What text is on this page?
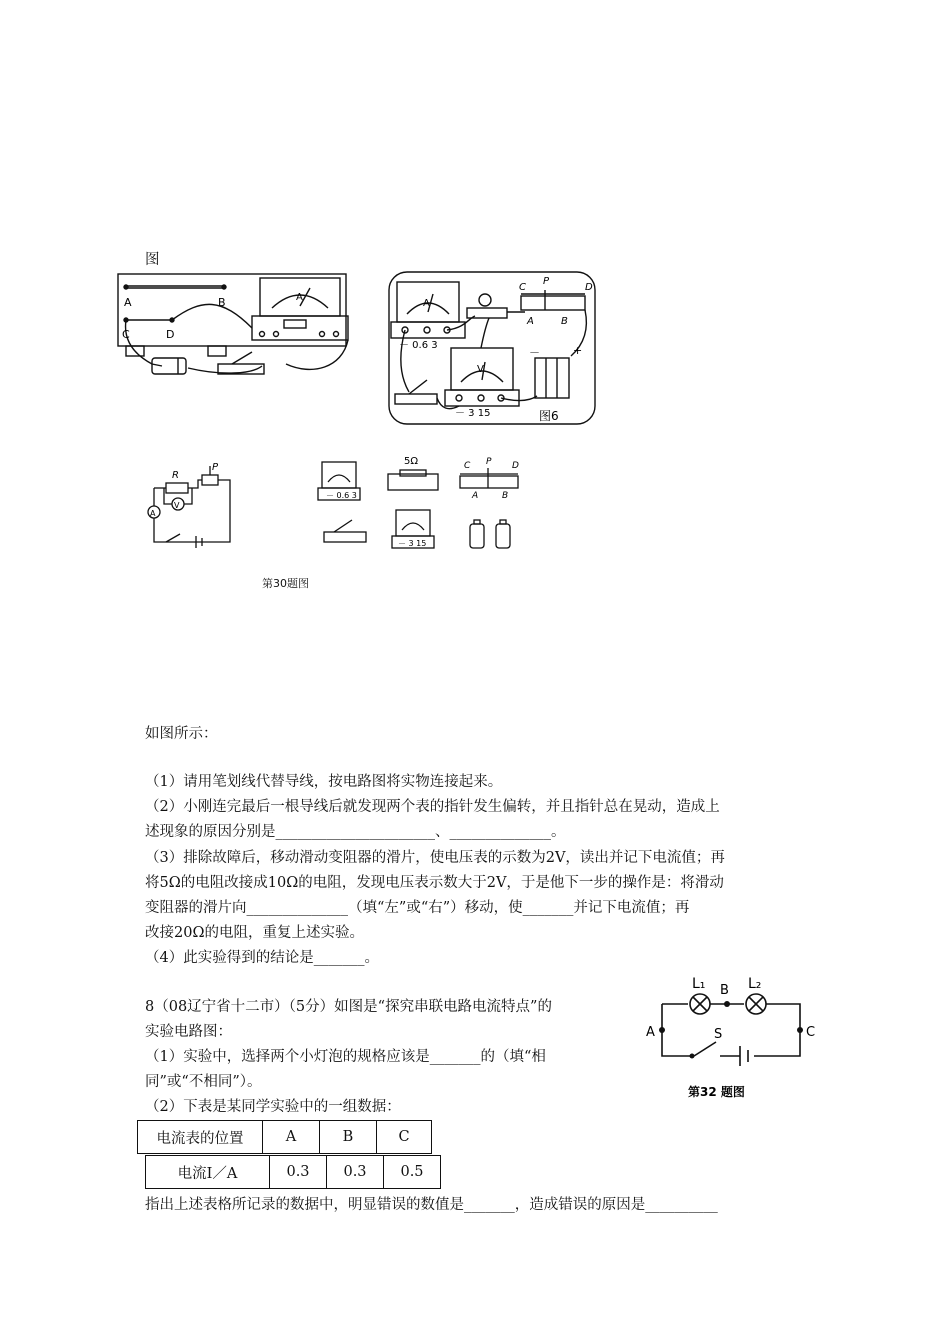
图
A	B
C	D
A
A
－ 0.6 3
V
－ 3 15
C
P
D
A	B
－	+
图6
R
P
A
V
－ 0.6 3
5Ω	C P D
A	B
－ 3 15
第30题图
如图所示：
（1）请用笔划线代替导线，按电路图将实物连接起来。
（2）小刚连完最后一根导线后就发现两个表的指针发生偏转，并且指针总在晃动，造成上
述现象的原因分别是______________________、______________。
（3）排除故障后，移动滑动变阻器的滑片，使电压表的示数为2V，读出并记下电流值；再
将5Ω的电阻改接成10Ω的电阻，发现电压表示数大于2V，于是他下一步的操作是：将滑动
变阻器的滑片向______________（填“左”或“右”）移动，使_______并记下电流值；再
改接20Ω的电阻，重复上述实验。
（4）此实验得到的结论是_______。
8（08辽宁省十二市）（5分）如图是“探究串联电路电流特点”的
实验电路图：
（1）实验中，选择两个小灯泡的规格应该是_______的（填“相
同”或“不相同”）。
（2）下表是某同学实验中的一组数据：
L₁ B L₂
A	S	C
第32 题图
电流表的位置	A	B	C
电流I／A	0.3	0.3	0.5
指出上述表格所记录的数据中，明显错误的数值是_______，造成错误的原因是__________
